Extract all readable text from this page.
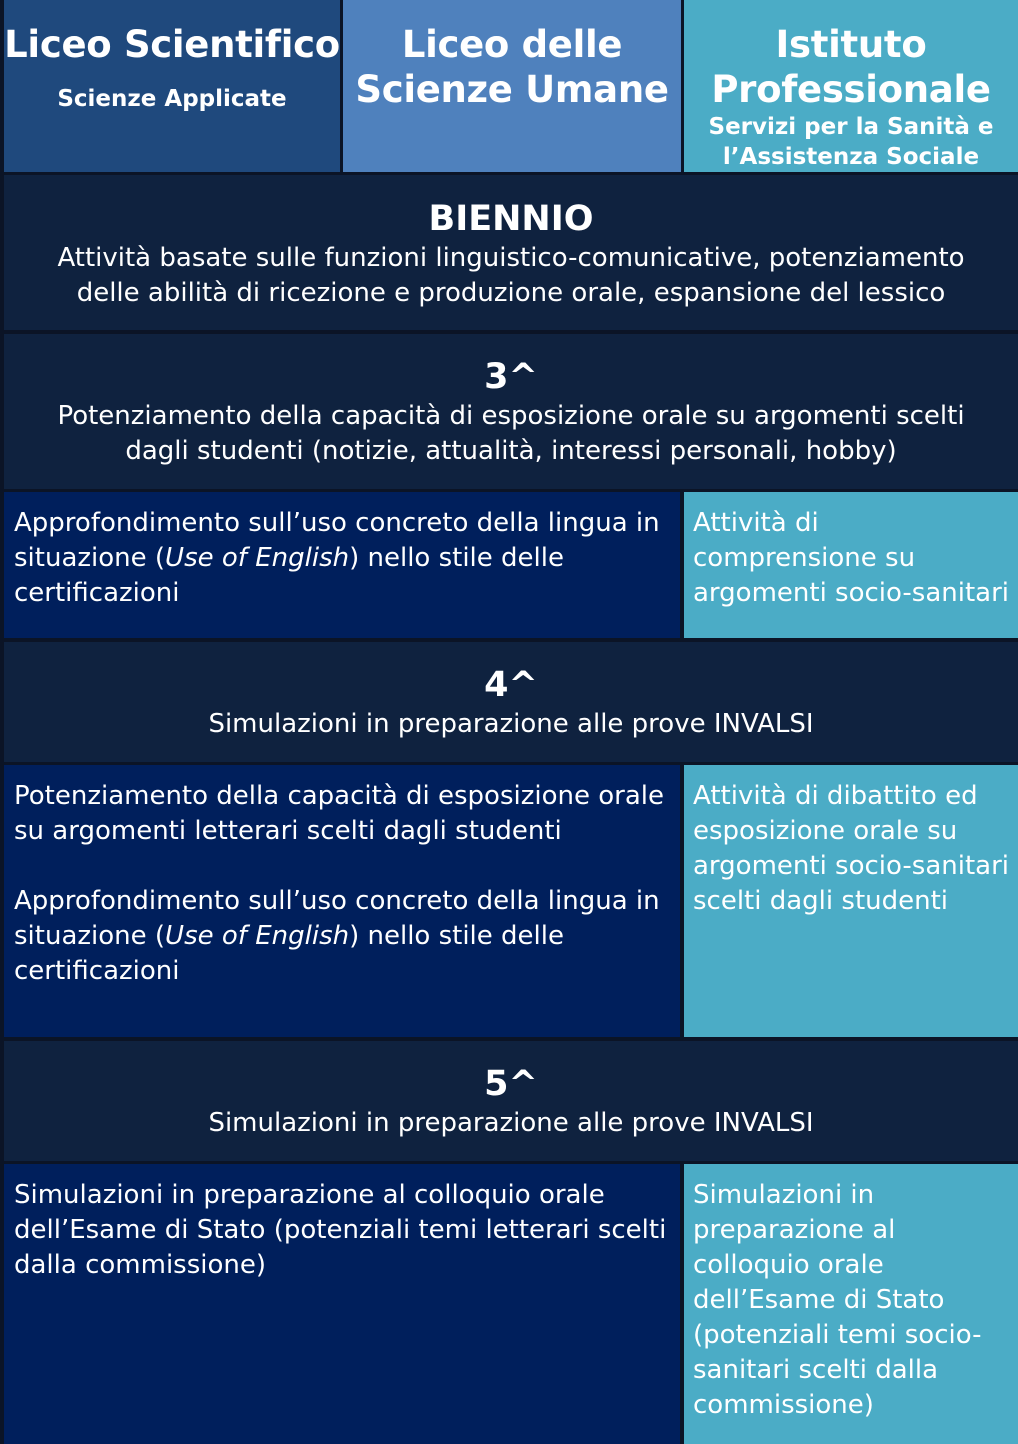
Liceo Scientifico
Scienze Applicate
Liceo delle
Scienze Umane
Istituto
Professionale
Servizi per la Sanità e
l’Assistenza Sociale
BIENNIO
Attività basate sulle funzioni linguistico-comunicative, potenziamento delle abilità di ricezione e produzione orale, espansione del lessico
3^
Potenziamento della capacità di esposizione orale su argomenti scelti dagli studenti (notizie, attualità, interessi personali, hobby)

Approfondimento sull’uso concreto della lingua in situazione (Use of English) nello stile delle certificazioni

Attività di comprensione su argomenti socio-sanitari

4^
Simulazioni in preparazione alle prove INVALSI

Potenziamento della capacità di esposizione orale su argomenti letterari scelti dagli studenti

Approfondimento sull’uso concreto della lingua in situazione (Use of English) nello stile delle certificazioni

Attività di dibattito ed esposizione orale su argomenti socio-sanitari scelti dagli studenti

5^
Simulazioni in preparazione alle prove INVALSI

Simulazioni in preparazione al colloquio orale dell’Esame di Stato (potenziali temi letterari scelti dalla commissione)

Simulazioni in preparazione al colloquio orale dell’Esame di Stato (potenziali temi socio-sanitari scelti dalla commissione)
